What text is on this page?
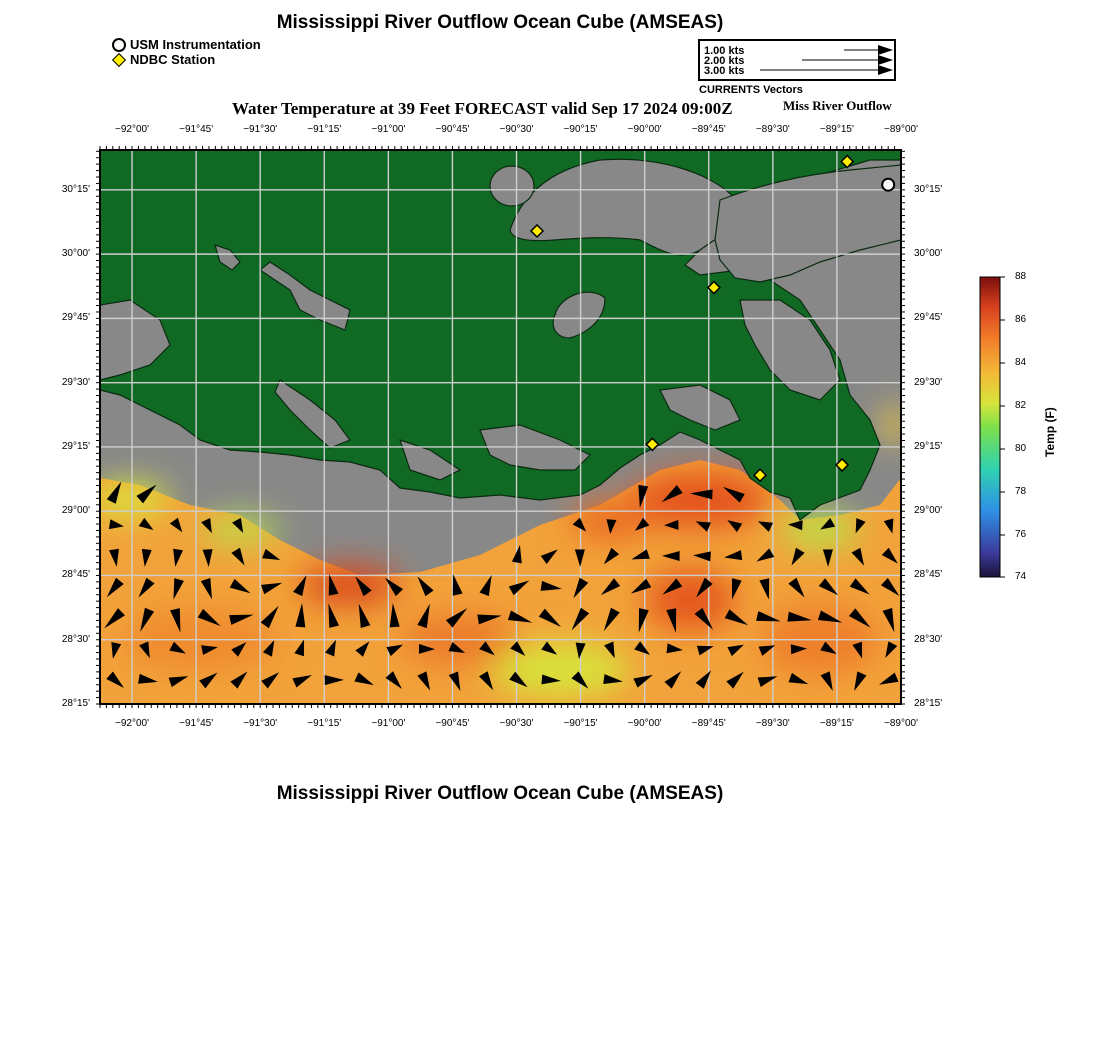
Mississippi River Outflow Ocean Cube (AMSEAS)
USM Instrumentation
NDBC Station
1.00 kts
2.00 kts
3.00 kts
CURRENTS Vectors
Water Temperature at 39 Feet FORECAST valid Sep 17 2024 09:00Z	Miss River Outflow
−92°00'	−91°45'	−91°30'	−91°15'	−91°00'	−90°45'	−90°30'	−90°15'	−90°00'	−89°45'	−89°30'	−89°15'	−89°00'
−92°00'	−91°45'	−91°30'	−91°15'	−91°00'	−90°45'	−90°30'	−90°15'	−90°00'	−89°45'	−89°30'	−89°15'	−89°00'
30°15'
30°00'
29°45'
29°30'
29°15'
29°00'
28°45'
28°30'
28°15'
30°15'
30°00'
29°45'
29°30'
29°15'
29°00'
28°45'
28°30'
28°15'
88
86
84
82
80
78
76
74
Temp (F)
Mississippi River Outflow Ocean Cube (AMSEAS)
